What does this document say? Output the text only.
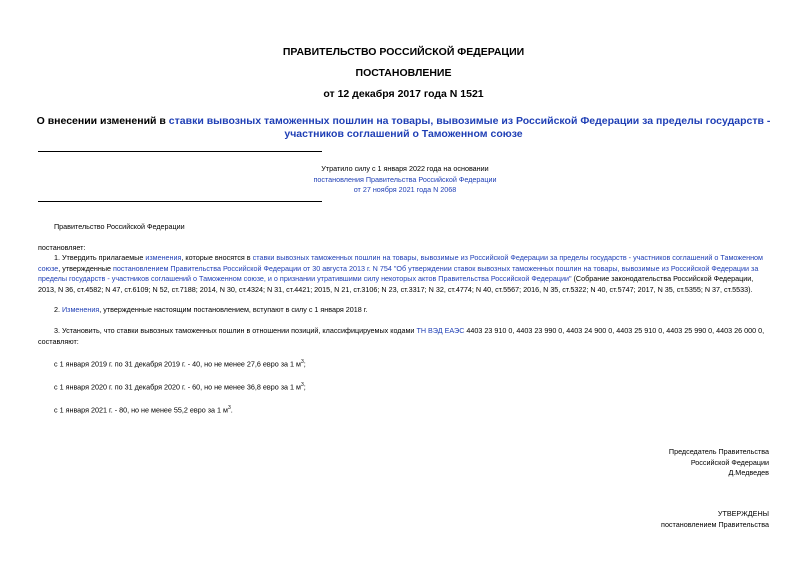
ПРАВИТЕЛЬСТВО РОССИЙСКОЙ ФЕДЕРАЦИИ
ПОСТАНОВЛЕНИЕ
от 12 декабря 2017 года N 1521
О внесении изменений в ставки вывозных таможенных пошлин на товары, вывозимые из Российской Федерации за пределы государств - участников соглашений о Таможенном союзе
Утратило силу с 1 января 2022 года на основании
постановления Правительства Российской Федерации
от 27 ноября 2021 года N 2068
Правительство Российской Федерации
постановляет:
1. Утвердить прилагаемые изменения, которые вносятся в ставки вывозных таможенных пошлин на товары, вывозимые из Российской Федерации за пределы государств - участников соглашений о Таможенном союзе, утвержденные постановлением Правительства Российской Федерации от 30 августа 2013 г. N 754 "Об утверждении ставок вывозных таможенных пошлин на товары, вывозимые из Российской Федерации за пределы государств - участников соглашений о Таможенном союзе, и о признании утратившими силу некоторых актов Правительства Российской Федерации" (Собрание законодательства Российской Федерации, 2013, N 36, ст.4582; N 47, ст.6109; N 52, ст.7188; 2014, N 30, ст.4324; N 31, ст.4421; 2015, N 21, ст.3106; N 23, ст.3317; N 32, ст.4774; N 40, ст.5567; 2016, N 35, ст.5322; N 40, ст.5747; 2017, N 35, ст.5355; N 37, ст.5533).
2. Изменения, утвержденные настоящим постановлением, вступают в силу с 1 января 2018 г.
3. Установить, что ставки вывозных таможенных пошлин в отношении позиций, классифицируемых кодами ТН ВЭД ЕАЭС 4403 23 910 0, 4403 23 990 0, 4403 24 900 0, 4403 25 910 0, 4403 25 990 0, 4403 26 000 0, составляют:
с 1 января 2019 г. по 31 декабря 2019 г. - 40, но не менее 27,6 евро за 1 $м^3$;
с 1 января 2020 г. по 31 декабря 2020 г. - 60, но не менее 36,8 евро за 1 $м^3$;
с 1 января 2021 г. - 80, но не менее 55,2 евро за 1 $м^3$.
Председатель Правительства
Российской Федерации
Д.Медведев
УТВЕРЖДЕНЫ
постановлением Правительства
